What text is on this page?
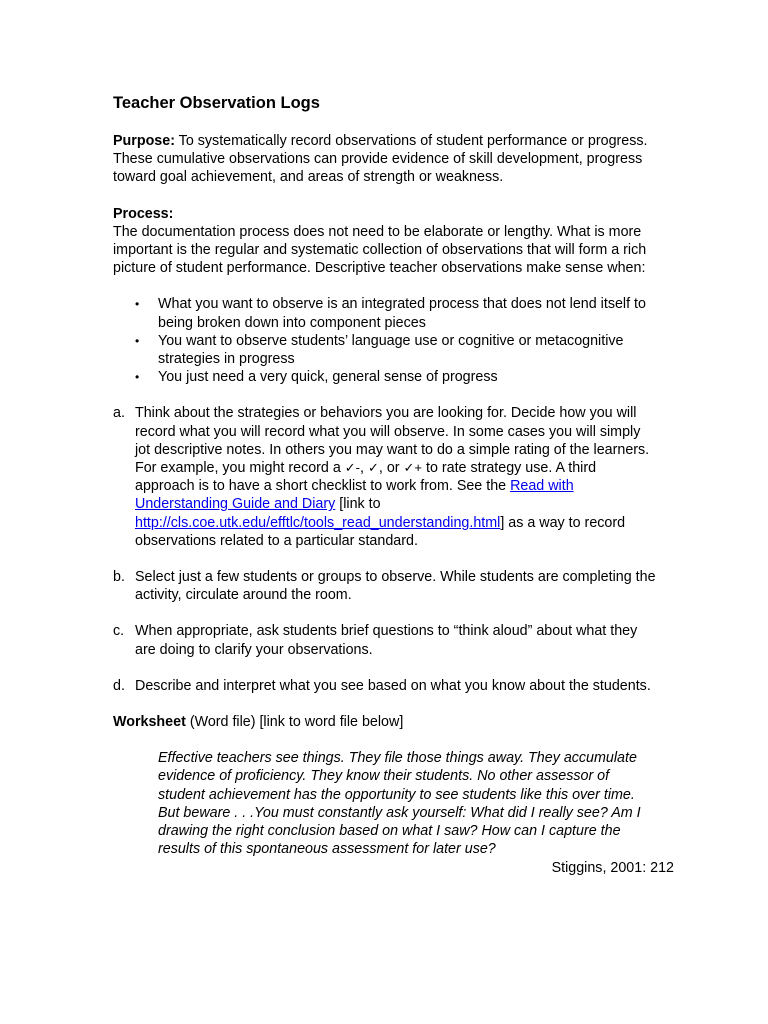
Teacher Observation Logs

Purpose: To systematically record observations of student performance or progress. These cumulative observations can provide evidence of skill development, progress toward goal achievement, and areas of strength or weakness.

Process:

The documentation process does not need to be elaborate or lengthy. What is more important is the regular and systematic collection of observations that will form a rich picture of student performance. Descriptive teacher observations make sense when:

• What you want to observe is an integrated process that does not lend itself to being broken down into component pieces
• You want to observe students’ language use or cognitive or metacognitive strategies in progress
• You just need a very quick, general sense of progress
a. Think about the strategies or behaviors you are looking for. Decide how you will record what you will record what you will observe. In some cases you will simply jot descriptive notes. In others you may want to do a simple rating of the learners. For example, you might record a ✓-, ✓, or ✓+ to rate strategy use. A third approach is to have a short checklist to work from. See the Read with Understanding Guide and Diary [link to http://cls.coe.utk.edu/efftlc/tools_read_understanding.html] as a way to record observations related to a particular standard.
b. Select just a few students or groups to observe. While students are completing the activity, circulate around the room.
c. When appropriate, ask students brief questions to “think aloud” about what they are doing to clarify your observations.
d. Describe and interpret what you see based on what you know about the students.

Worksheet (Word file) [link to word file below]

Effective teachers see things. They file those things away. They accumulate evidence of proficiency. They know their students. No other assessor of student achievement has the opportunity to see students like this over time. But beware . . .You must constantly ask yourself: What did I really see? Am I drawing the right conclusion based on what I saw? How can I capture the results of this spontaneous assessment for later use?

Stiggins, 2001: 212
